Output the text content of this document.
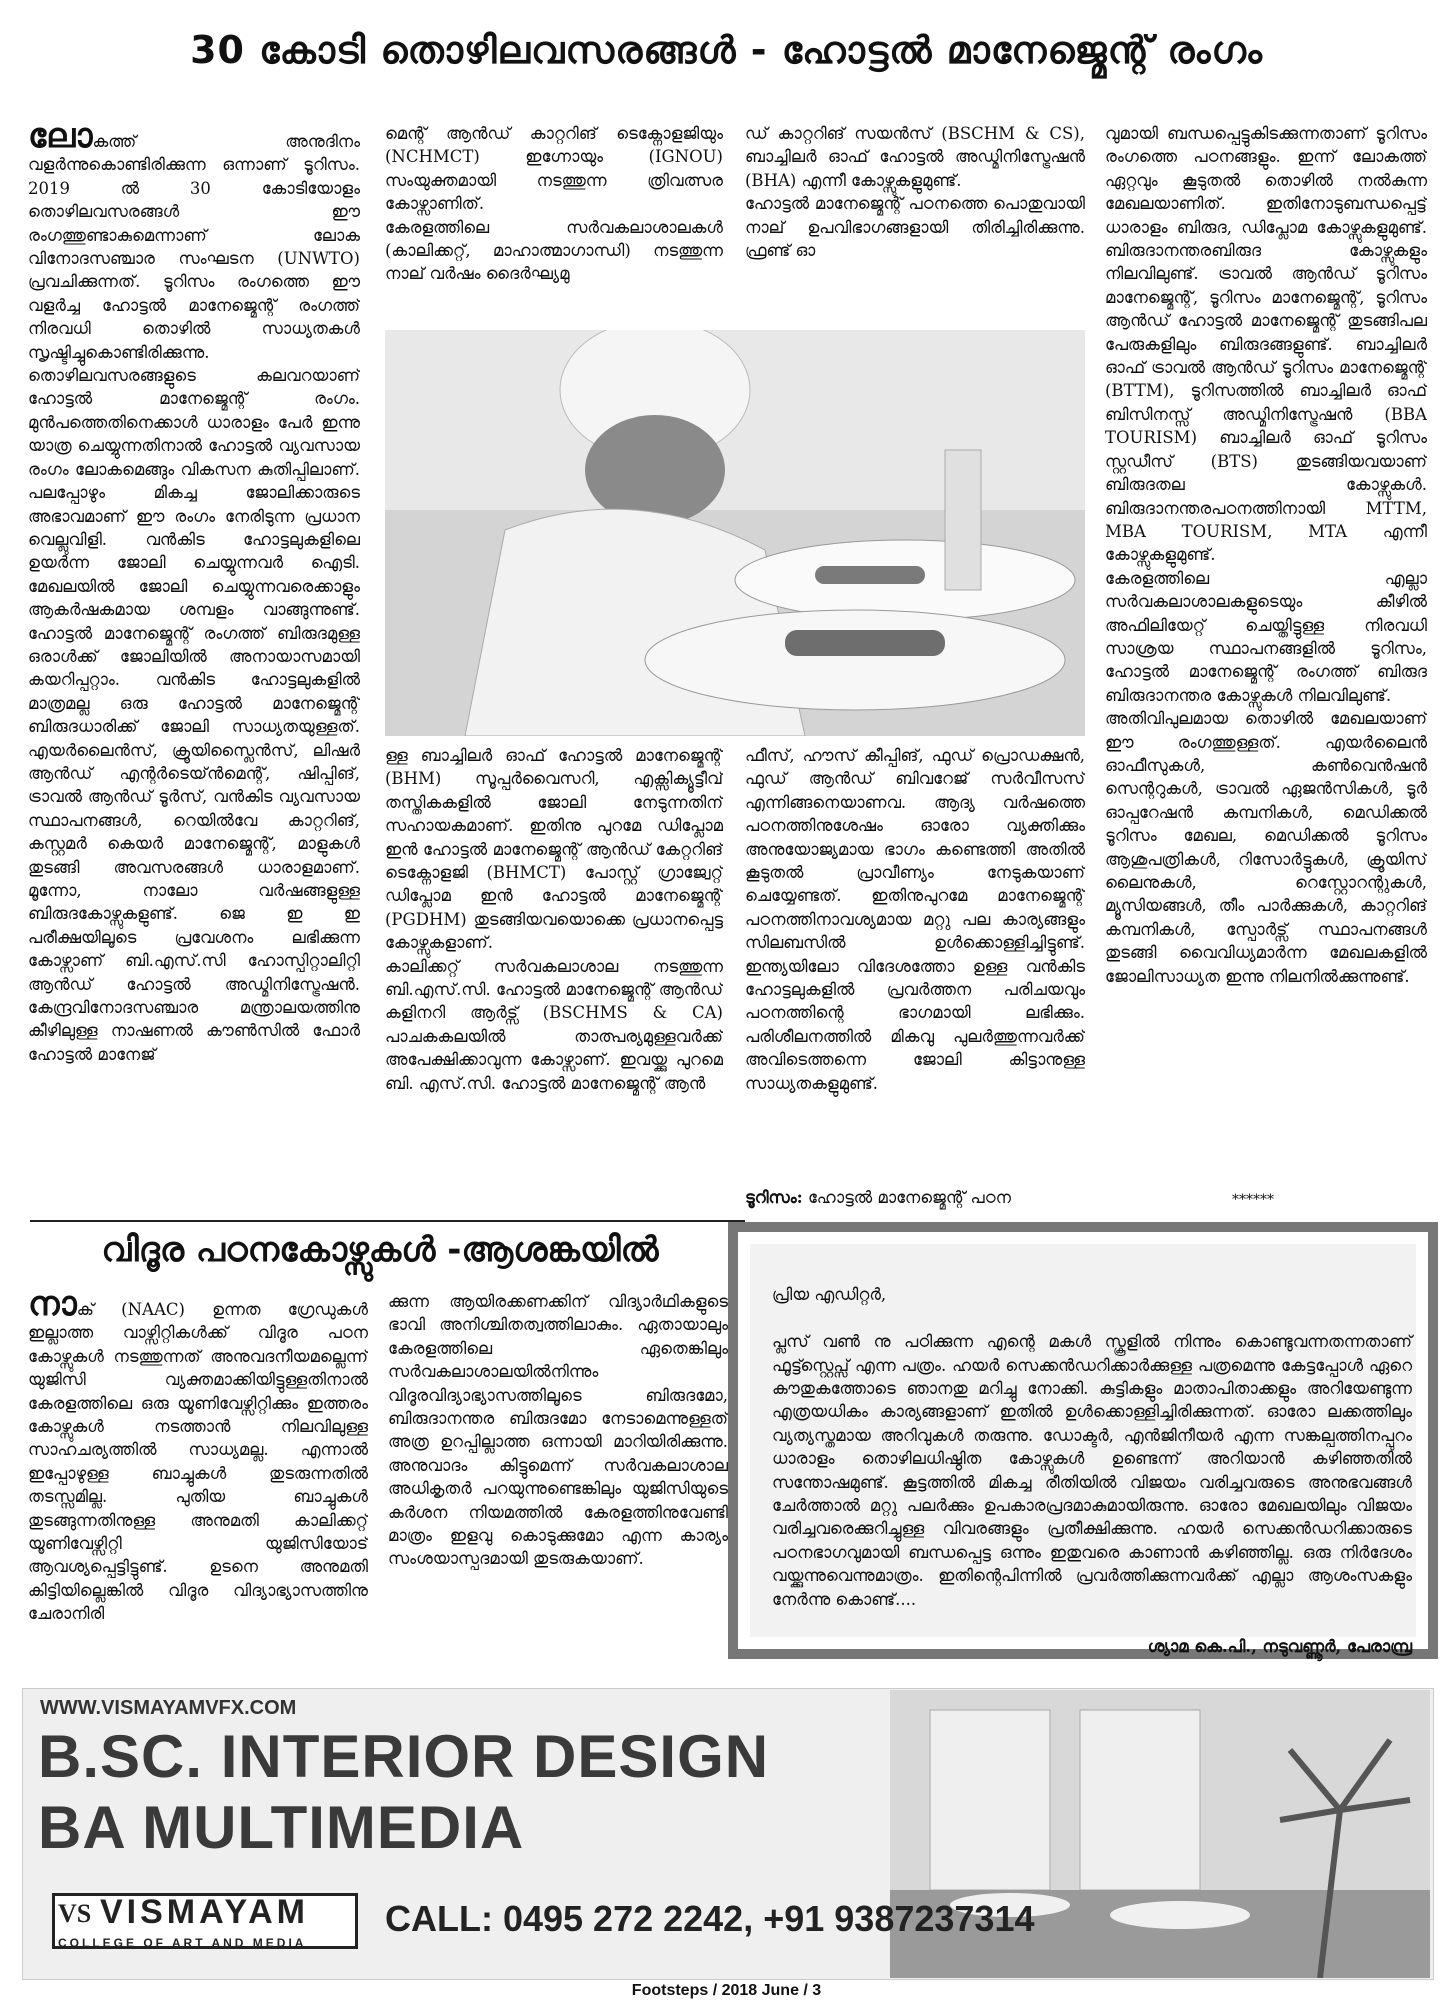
30 കോടി തൊഴിലവസരങ്ങൾ - ഹോട്ടൽ മാനേജ്മെന്റ് രംഗം
ലോകത്ത് അനുദിനം വളർന്നുകൊണ്ടിരിക്കുന്ന ഒന്നാണ് ടൂറിസം. 2019 ൽ 30 കോടിയോളം തൊഴിലവസരങ്ങൾ ഈ രംഗത്തുണ്ടാകുമെന്നാണ് ലോക വിനോദസഞ്ചാര സംഘടന (UNWTO) പ്രവചിക്കുന്നത്. ടൂറിസം രംഗത്തെ ഈ വളർച്ച ഹോട്ടൽ മാനേജ്മെന്റ് രംഗത്ത് നിരവധി തൊഴിൽ സാധ്യതകൾ സൃഷ്ടിച്ചുകൊണ്ടിരിക്കുന്നു. തൊഴിലവസരങ്ങളുടെ കലവറയാണ് ഹോട്ടൽ മാനേജ്മെന്റ് രംഗം. മുൻപത്തെതിനെക്കാൾ ധാരാളം പേർ ഇന്നു യാത്ര ചെയ്യുന്നതിനാൽ ഹോട്ടൽ വ്യവസായ രംഗം ലോകമെങ്ങും വികസന കുതിപ്പിലാണ്. പലപ്പോഴും മികച്ച ജോലിക്കാരുടെ അഭാവമാണ് ഈ രംഗം നേരിടുന്ന പ്രധാന വെല്ലുവിളി. വൻകിട ഹോട്ടലുകളിലെ ഉയർന്ന ജോലി ചെയ്യുന്നവർ ഐടി. മേഖലയിൽ ജോലി ചെയ്യുന്നവരെക്കാളും ആകർഷകമായ ശമ്പളം വാങ്ങുന്നുണ്ട്. ഹോട്ടൽ മാനേജ്മെന്റ് രംഗത്ത് ബിരുദമുള്ള ഒരാൾക്ക് ജോലിയിൽ അനായാസമായി കയറിപ്പറ്റാം. വൻകിട ഹോട്ടലുകളിൽ മാത്രമല്ല ഒരു ഹോട്ടൽ മാനേജ്മെന്റ് ബിരുദധാരിക്ക് ജോലി സാധ്യതയുള്ളത്. എയർലൈൻസ്, ക്രൂയിസ്ലൈൻസ്, ലിഷർ ആൻഡ് എന്റർടെയ്ൻമെന്റ്, ഷിപ്പിങ്, ട്രാവൽ ആൻഡ് ടൂർസ്, വൻകിട വ്യവസായ സ്ഥാപനങ്ങൾ, റെയിൽവേ കാറ്ററിങ്, കസ്റ്റമർ കെയർ മാനേജ്മെന്റ്, മാളുകൾ തുടങ്ങി അവസരങ്ങൾ ധാരാളമാണ്. മൂന്നോ, നാലോ വർഷങ്ങളുള്ള ബിരുദകോഴ്സുകളുണ്ട്. ജെ ഇ ഇ പരീക്ഷയിലൂടെ പ്രവേശനം ലഭിക്കുന്ന കോഴ്സാണ് ബി.എസ്.സി ഹോസ്പിറ്റാലിറ്റി ആൻഡ് ഹോട്ടൽ അഡ്മിനിസ്ട്രേഷൻ. കേന്ദ്രവിനോദസഞ്ചാര മന്ത്രാലയത്തിനു കീഴിലുള്ള നാഷണൽ കൗൺസിൽ ഫോർ ഹോട്ടൽ മാനേജ്
മെന്റ് ആൻഡ് കാറ്ററിങ് ടെക്നോളജിയും (NCHMCT) ഇഗ്നോയും (IGNOU) സംയുക്തമായി നടത്തുന്ന ത്രിവത്സര കോഴ്സാണിത്.
കേരളത്തിലെ സർവകലാശാലകൾ (കാലിക്കറ്റ്, മാഹാത്മാഗാന്ധി) നടത്തുന്ന നാല് വർഷം ദൈർഘ്യമു
ഡ് കാറ്ററിങ് സയൻസ് (BSCHM & CS), ബാച്ചിലർ ഓഫ് ഹോട്ടൽ അഡ്മിനിസ്ട്രേഷൻ (BHA) എന്നീ കോഴ്സുകളുമുണ്ട്.
ഹോട്ടൽ മാനേജ്മെന്റ് പഠനത്തെ പൊതുവായി നാല് ഉപവിഭാഗങ്ങളായി തിരിച്ചിരിക്കുന്നു. ഫ്രണ്ട് ഓ
വുമായി ബന്ധപ്പെട്ടുകിടക്കുന്നതാണ് ടൂറിസം രംഗത്തെ പഠനങ്ങളും. ഇന്ന് ലോകത്ത് ഏറ്റവും കൂടുതൽ തൊഴിൽ നൽകുന്ന മേഖലയാണിത്. ഇതിനോടുബന്ധപ്പെട്ട് ധാരാളം ബിരുദ, ഡിപ്ലോമ കോഴ്സുകളുമുണ്ട്. ബിരുദാനന്തരബിരുദ കോഴ്സുകളും നിലവിലുണ്ട്. ട്രാവൽ ആൻഡ് ടൂറിസം മാനേജ്മെന്റ്, ടൂറിസം മാനേജ്മെന്റ്, ടൂറിസം ആൻഡ് ഹോട്ടൽ മാനേജ്മെന്റ് തുടങ്ങിപല പേരുകളിലും ബിരുദങ്ങളുണ്ട്. ബാച്ചിലർ ഓഫ് ട്രാവൽ ആൻഡ് ടൂറിസം മാനേജ്മെന്റ് (BTTM), ടൂറിസത്തിൽ ബാച്ചിലർ ഓഫ് ബിസിനസ്സ് അഡ്മിനിസ്ട്രേഷൻ (BBA TOURISM) ബാച്ചിലർ ഓഫ് ടൂറിസം സ്റ്റഡീസ് (BTS) തുടങ്ങിയവയാണ് ബിരുദതല കോഴ്സുകൾ. ബിരുദാനന്തരപഠനത്തിനായി MTTM, MBA TOURISM, MTA എന്നീ കോഴ്സുകളുമുണ്ട്.
കേരളത്തിലെ എല്ലാ സർവകലാശാലകളുടെയും കീഴിൽ അഫിലിയേറ്റ് ചെയ്തിട്ടുള്ള നിരവധി സാശ്രയ സ്ഥാപനങ്ങളിൽ ടൂറിസം, ഹോട്ടൽ മാനേജ്മെന്റ് രംഗത്ത് ബിരുദ ബിരുദാനന്തര കോഴ്സുകൾ നിലവിലുണ്ട്.
അതിവിപുലമായ തൊഴിൽ മേഖലയാണ് ഈ രംഗത്തുള്ളത്. എയർലൈൻ ഓഫീസുകൾ, കൺവെൻഷൻ സെന്ററുകൾ, ട്രാവൽ ഏജൻസികൾ, ടൂർ ഓപ്പറേഷൻ കമ്പനികൾ, മെഡിക്കൽ ടൂറിസം മേഖല, മെഡിക്കൽ ടൂറിസം ആശുപത്രികൾ, റിസോർട്ടുകൾ, ക്രൂയിസ് ലൈനുകൾ, റെസ്റ്റോറന്റുകൾ, മ്യൂസിയങ്ങൾ, തീം പാർക്കുകൾ, കാറ്ററിങ് കമ്പനികൾ, സ്പോർട്സ് സ്ഥാപനങ്ങൾ തുടങ്ങി വൈവിധ്യമാർന്ന മേഖലകളിൽ ജോലിസാധ്യത ഇന്നു നിലനിൽക്കുന്നുണ്ട്.
******
ള്ള ബാച്ചിലർ ഓഫ് ഹോട്ടൽ മാനേജ്മെന്റ് (BHM) സൂപ്പർവൈസറി, എക്സിക്യൂട്ടീവ് തസ്തികകളിൽ ജോലി നേടുന്നതിന് സഹായകമാണ്. ഇതിനു പുറമേ ഡിപ്ലോമ ഇൻ ഹോട്ടൽ മാനേജ്മെന്റ് ആൻഡ് കേറ്ററിങ് ടെക്നോളജി (BHMCT) പോസ്റ്റ് ഗ്രാജ്വേറ്റ് ഡിപ്ലോമ ഇൻ ഹോട്ടൽ മാനേജ്മെന്റ് (PGDHM) തുടങ്ങിയവയൊക്കെ പ്രധാനപ്പെട്ട കോഴ്സുകളാണ്.
കാലിക്കറ്റ് സർവകലാശാല നടത്തുന്ന ബി.എസ്.സി. ഹോട്ടൽ മാനേജ്മെന്റ് ആൻഡ് കളിനറി ആർട്സ് (BSCHMS & CA) പാചകകലയിൽ താത്പര്യമുള്ളവർക്ക് അപേക്ഷിക്കാവുന്ന കോഴ്സാണ്. ഇവയ്ക്കു പുറമെ ബി. എസ്.സി. ഹോട്ടൽ മാനേജ്മെന്റ് ആൻ
ഫീസ്, ഹൗസ് കീപ്പിങ്, ഫുഡ് പ്രൊഡക്ഷൻ, ഫുഡ് ആൻഡ് ബിവറേജ് സർവീസസ് എന്നിങ്ങനെയാണവ. ആദ്യ വർഷത്തെ പഠനത്തിനുശേഷം ഓരോ വ്യക്തിക്കും അനുയോജ്യമായ ഭാഗം കണ്ടെത്തി അതിൽ കൂടുതൽ പ്രാവീണ്യം നേടുകയാണ് ചെയ്യേണ്ടത്. ഇതിനുപുറമേ മാനേജ്മെന്റ് പഠനത്തിനാവശ്യമായ മറ്റു പല കാര്യങ്ങളും സിലബസിൽ ഉൾക്കൊള്ളിച്ചിട്ടുണ്ട്. ഇന്ത്യയിലോ വിദേശത്തോ ഉള്ള വൻകിട ഹോട്ടലുകളിൽ പ്രവർത്തന പരിചയവും പഠനത്തിന്റെ ഭാഗമായി ലഭിക്കും. പരിശീലനത്തിൽ മികവു പുലർത്തുന്നവർക്ക് അവിടെത്തന്നെ ജോലി കിട്ടാനുള്ള സാധ്യതകളുമുണ്ട്.
ടൂറിസം: ഹോട്ടൽ മാനേജ്മെന്റ് പഠന
വിദൂര പഠനകോഴ്സുകൾ -ആശങ്കയിൽ
നാക് (NAAC) ഉന്നത ഗ്രേഡുകൾ ഇല്ലാത്ത വാഴ്സിറ്റികൾക്ക് വിദൂര പഠന കോഴ്സുകൾ നടത്തുന്നത് അനുവദനീയമല്ലെന്ന് യുജിസി വ്യക്തമാക്കിയിട്ടുള്ളതിനാൽ കേരളത്തിലെ ഒരു യൂണിവേഴ്സിറ്റിക്കും ഇത്തരം കോഴ്സുകൾ നടത്താൻ നിലവിലുള്ള സാഹചര്യത്തിൽ സാധ്യമല്ല. എന്നാൽ ഇപ്പോഴുള്ള ബാച്ചുകൾ തുടരുന്നതിൽ തടസ്സമില്ല. പുതിയ ബാച്ചുകൾ തുടങ്ങുന്നതിനുള്ള അനുമതി കാലിക്കറ്റ് യൂണിവേഴ്സിറ്റി യുജിസിയോട് ആവശ്യപ്പെട്ടിട്ടുണ്ട്. ഉടനെ അനുമതി കിട്ടിയില്ലെങ്കിൽ വിദൂര വിദ്യാഭ്യാസത്തിനു ചേരാനിരി
ക്കുന്ന ആയിരക്കണക്കിന് വിദ്യാർഥികളുടെ ഭാവി അനിശ്ചിതത്വത്തിലാകും. ഏതായാലും കേരളത്തിലെ ഏതെങ്കിലും സർവകലാശാലയിൽനിന്നും വിദൂരവിദ്യാഭ്യാസത്തിലൂടെ ബിരുദമോ, ബിരുദാനന്തര ബിരുദമോ നേടാമെന്നുള്ളത് അത്ര ഉറപ്പില്ലാത്ത ഒന്നായി മാറിയിരിക്കുന്നു. അനുവാദം കിട്ടുമെന്ന് സർവകലാശാല അധികൃതർ പറയുന്നുണ്ടെങ്കിലും യുജിസിയുടെ കർശന നിയമത്തിൽ കേരളത്തിനുവേണ്ടി മാത്രം ഇളവു കൊടുക്കുമോ എന്ന കാര്യം സംശയാസ്പദമായി തുടരുകയാണ്.

പ്രിയ എഡിറ്റർ,

പ്ലസ് വൺ നു പഠിക്കുന്ന എന്റെ മകൾ സ്കൂളിൽ നിന്നും കൊണ്ടുവന്നതന്നതാണ് ഫൂട്ട്സ്റ്റെപ്സ് എന്ന പത്രം. ഹയർ സെക്കൻഡറിക്കാർക്കുള്ള പത്രമെന്നു കേട്ടപ്പോൾ ഏറെ കൗതുകത്തോടെ ഞാനതു മറിച്ചു നോക്കി. കുട്ടികളും മാതാപിതാക്കളും അറിയേണ്ടുന്ന എത്രയധികം കാര്യങ്ങളാണ് ഇതിൽ ഉൾക്കൊള്ളിച്ചിരിക്കുന്നത്. ഓരോ ലക്കത്തിലും വ്യത്യസ്തമായ അറിവുകൾ തരുന്നു. ഡോക്ടർ, എൻജിനീയർ എന്ന സങ്കല്പത്തിനപ്പുറം ധാരാളം തൊഴിലധിഷ്ഠിത കോഴ്സുകൾ ഉണ്ടെന്ന് അറിയാൻ കഴിഞ്ഞതിൽ സന്തോഷമുണ്ട്. കൂട്ടത്തിൽ മികച്ച രീതിയിൽ വിജയം വരിച്ചവരുടെ അനുഭവങ്ങൾ ചേർത്താൽ മറ്റു പലർക്കും ഉപകാരപ്രദമാകുമായിരുന്നു. ഓരോ മേഖലയിലും വിജയം വരിച്ചവരെക്കുറിച്ചുള്ള വിവരങ്ങളും പ്രതീക്ഷിക്കുന്നു. ഹയർ സെക്കൻഡറിക്കാരുടെ പഠനഭാഗവുമായി ബന്ധപ്പെട്ട ഒന്നും ഇതുവരെ കാണാൻ കഴിഞ്ഞില്ല. ഒരു നിർദേശം വയ്ക്കുന്നുവെന്നുമാത്രം. ഇതിന്റെപിന്നിൽ പ്രവർത്തിക്കുന്നവർക്ക് എല്ലാ ആശംസകളും നേർന്നു കൊണ്ട്....

ശ്യാമ കെ.പി., നടുവണ്ണൂർ, പേരാമ്പ്ര

WWW.VISMAYAMVFX.COM
B.SC. INTERIOR DESIGN
BA MULTIMEDIA
VS VISMAYAM
COLLEGE OF ART AND MEDIA
CALL: 0495 272 2242, +91 9387237314
Footsteps / 2018 June / 3
